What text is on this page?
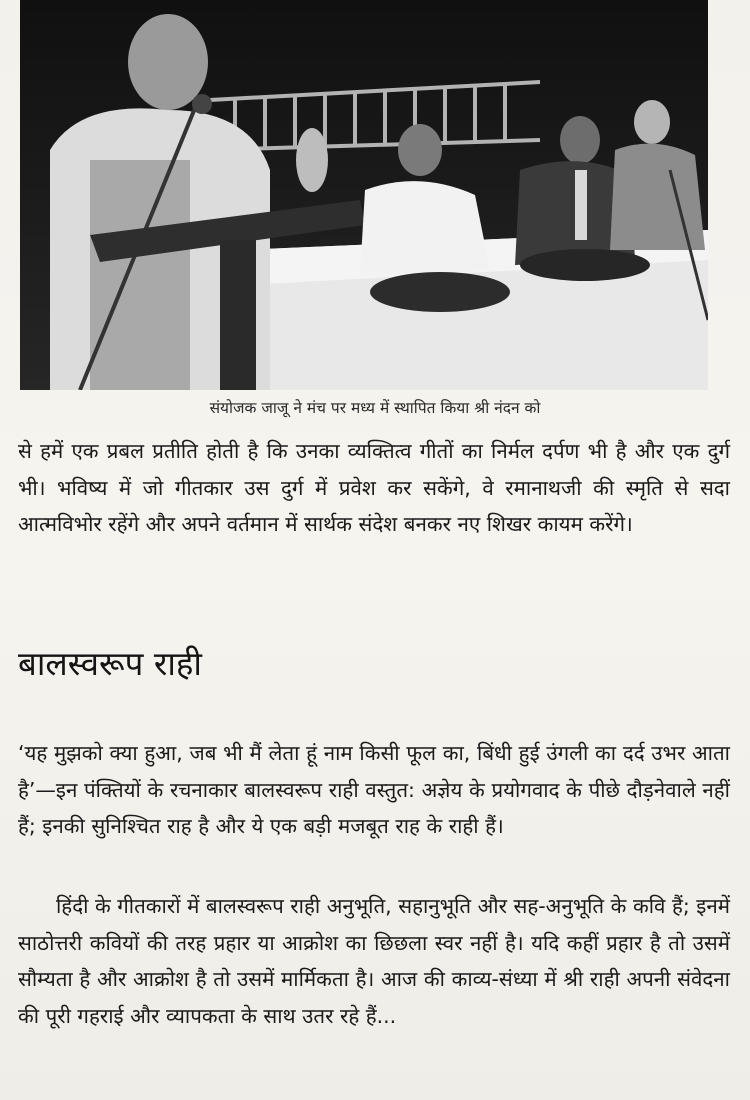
संयोजक जाजू ने मंच पर मध्य में स्थापित किया श्री नंदन को

से हमें एक प्रबल प्रतीति होती है कि उनका व्यक्तित्व गीतों का निर्मल दर्पण भी है और एक दुर्ग भी। भविष्य में जो गीतकार उस दुर्ग में प्रवेश कर सकेंगे, वे रमानाथजी की स्मृति से सदा आत्मविभोर रहेंगे और अपने वर्तमान में सार्थक संदेश बनकर नए शिखर कायम करेंगे।

बालस्वरूप राही

‘यह मुझको क्या हुआ, जब भी मैं लेता हूं नाम किसी फूल का, बिंधी हुई उंगली का दर्द उभर आता है’—इन पंक्तियों के रचनाकार बालस्वरूप राही वस्तुत: अज्ञेय के प्रयोगवाद के पीछे दौड़नेवाले नहीं हैं; इनकी सुनिश्चित राह है और ये एक बड़ी मजबूत राह के राही हैं।

हिंदी के गीतकारों में बालस्वरूप राही अनुभूति, सहानुभूति और सह-अनुभूति के कवि हैं; इनमें साठोत्तरी कवियों की तरह प्रहार या आक्रोश का छिछला स्वर नहीं है। यदि कहीं प्रहार है तो उसमें सौम्यता है और आक्रोश है तो उसमें मार्मिकता है। आज की काव्य-संध्या में श्री राही अपनी संवेदना की पूरी गहराई और व्यापकता के साथ उतर रहे हैं...
